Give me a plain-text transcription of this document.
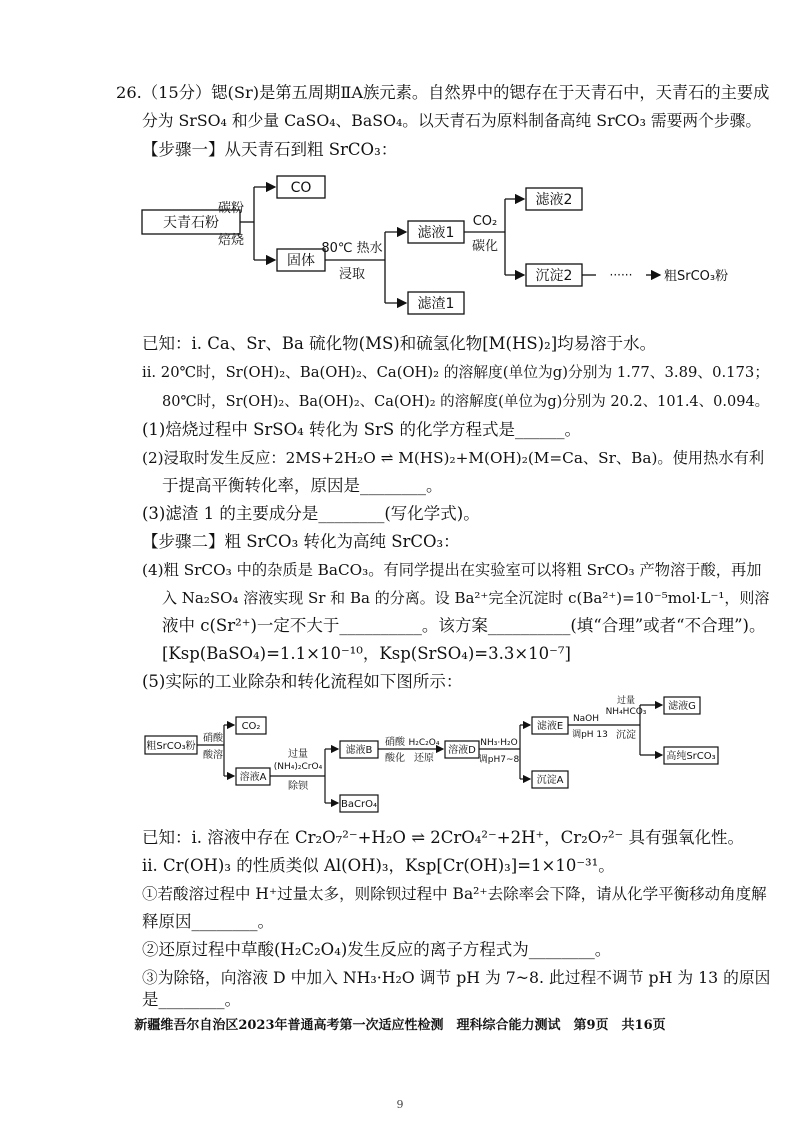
26.（15分）锶(Sr)是第五周期ⅡA族元素。自然界中的锶存在于天青石中，天青石的主要成
分为 SrSO₄ 和少量 CaSO₄、BaSO₄。以天青石为原料制备高纯 SrCO₃ 需要两个步骤。
【步骤一】从天青石到粗 SrCO₃：
天青石粉
CO
固体
滤液1
滤渣1
滤液2
沉淀2
碳粉
焙烧
80℃ 热水
浸取
CO₂
碳化
······ 粗SrCO₃粉
已知：ⅰ. Ca、Sr、Ba 硫化物(MS)和硫氢化物[M(HS)₂]均易溶于水。
ⅱ. 20℃时，Sr(OH)₂、Ba(OH)₂、Ca(OH)₂ 的溶解度(单位为g)分别为 1.77、3.89、0.173；
80℃时，Sr(OH)₂、Ba(OH)₂、Ca(OH)₂ 的溶解度(单位为g)分别为 20.2、101.4、0.094。
(1)焙烧过程中 SrSO₄ 转化为 SrS 的化学方程式是______。
(2)浸取时发生反应：2MS+2H₂O ⇌ M(HS)₂+M(OH)₂(M=Ca、Sr、Ba)。使用热水有利
于提高平衡转化率，原因是________。
(3)滤渣 1 的主要成分是________(写化学式)。
【步骤二】粗 SrCO₃ 转化为高纯 SrCO₃：
(4)粗 SrCO₃ 中的杂质是 BaCO₃。有同学提出在实验室可以将粗 SrCO₃ 产物溶于酸，再加
入 Na₂SO₄ 溶液实现 Sr 和 Ba 的分离。设 Ba²⁺完全沉淀时 c(Ba²⁺)=10⁻⁵mol·L⁻¹，则溶
液中 c(Sr²⁺)一定不大于__________。该方案__________(填“合理”或者“不合理”)。
[Ksp(BaSO₄)=1.1×10⁻¹⁰，Ksp(SrSO₄)=3.3×10⁻⁷]
(5)实际的工业除杂和转化流程如下图所示：
粗SrCO₃粉
CO₂
溶液A
滤液B
BaCrO₄
溶液D
滤液E
沉淀A
滤液G
高纯SrCO₃
硝酸
酸溶	过量
(NH₄)₂CrO₄
除钡
硝酸
酸化
H₂C₂O₄
还原
NH₃·H₂O
调pH7~8
NaOH
调pH 13
过量
NH₄HCO₃
沉淀
已知：ⅰ. 溶液中存在 Cr₂O₇²⁻+H₂O ⇌ 2CrO₄²⁻+2H⁺，Cr₂O₇²⁻ 具有强氧化性。
ⅱ. Cr(OH)₃ 的性质类似 Al(OH)₃，Ksp[Cr(OH)₃]=1×10⁻³¹。
①若酸溶过程中 H⁺过量太多，则除钡过程中 Ba²⁺去除率会下降，请从化学平衡移动角度解
释原因________。
②还原过程中草酸(H₂C₂O₄)发生反应的离子方程式为________。
③为除铬，向溶液 D 中加入 NH₃·H₂O 调节 pH 为 7~8. 此过程不调节 pH 为 13 的原因
是________。
新疆维吾尔自治区2023年普通高考第一次适应性检测　理科综合能力测试　第9页　共16页
9
